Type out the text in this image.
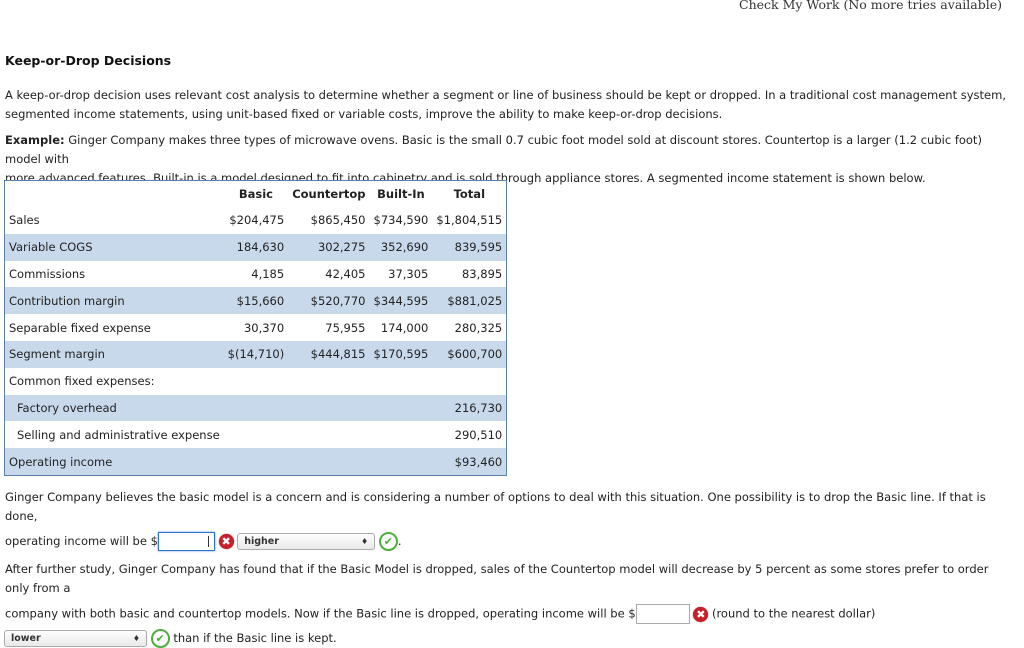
Check My Work (No more tries available)
Keep-or-Drop Decisions
A keep-or-drop decision uses relevant cost analysis to determine whether a segment or line of business should be kept or dropped. In a traditional cost management system,
segmented income statements, using unit-based fixed or variable costs, improve the ability to make keep-or-drop decisions.
Example: Ginger Company makes three types of microwave ovens. Basic is the small 0.7 cubic foot model sold at discount stores. Countertop is a larger (1.2 cubic foot) model with
more advanced features. Built-in is a model designed to fit into cabinetry and is sold through appliance stores. A segmented income statement is shown below.
	Basic	Countertop	Built-In	Total
Sales	$204,475	$865,450	$734,590	$1,804,515
Variable COGS	184,630	302,275	352,690	839,595
Commissions	4,185	42,405	37,305	83,895
Contribution margin	$15,660	$520,770	$344,595	$881,025
Separable fixed expense	30,370	75,955	174,000	280,325
Segment margin	$(14,710)	$444,815	$170,595	$600,700
Common fixed expenses:				
Factory overhead				216,730
Selling and administrative expense				290,510
Operating income				$93,460
Ginger Company believes the basic model is a concern and is considering a number of options to deal with this situation. One possibility is to drop the Basic line. If that is done,
operating income will be $	✖ higher	♦ ✔ .
After further study, Ginger Company has found that if the Basic Model is dropped, sales of the Countertop model will decrease by 5 percent as some stores prefer to order only from a
company with both basic and countertop models. Now if the Basic line is dropped, operating income will be $	✖ (round to the nearest dollar)
lower	♦ ✔ than if the Basic line is kept.
